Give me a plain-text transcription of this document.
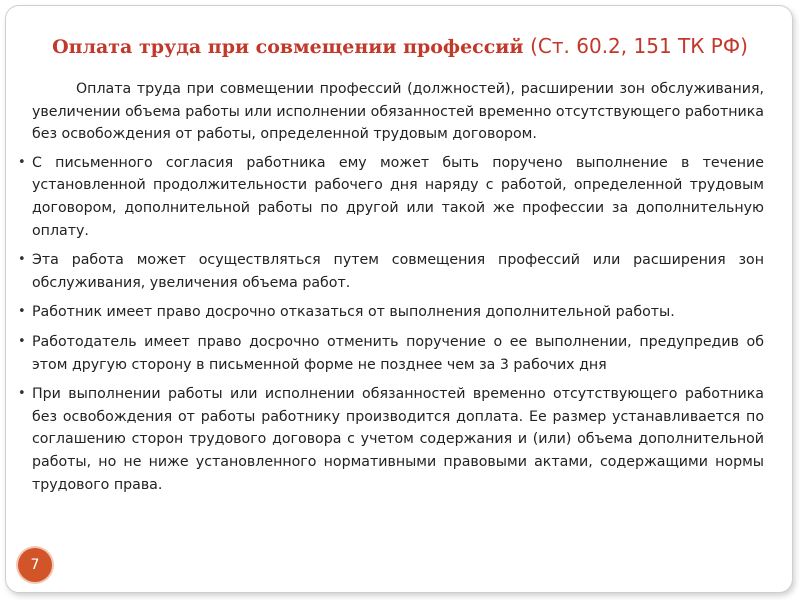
Оплата труда при совмещении профессий (Ст. 60.2, 151 ТК РФ)

Оплата труда при совмещении профессий (должностей), расширении зон обслуживания, увеличении объема работы или исполнении обязанностей временно отсутствующего работника без освобождения от работы, определенной трудовым договором.

• С письменного согласия работника ему может быть поручено выполнение в течение установленной продолжительности рабочего дня наряду с работой, определенной трудовым договором, дополнительной работы по другой или такой же профессии за дополнительную оплату.
• Эта работа может осуществляться путем совмещения профессий или расширения зон обслуживания, увеличения объема работ.
• Работник имеет право досрочно отказаться от выполнения дополнительной работы.
• Работодатель имеет право досрочно отменить поручение о ее выполнении, предупредив об этом другую сторону в письменной форме не позднее чем за 3 рабочих дня
• При выполнении работы или исполнении обязанностей временно отсутствующего работника без освобождения от работы работнику производится доплата. Ее размер устанавливается по соглашению сторон трудового договора с учетом содержания и (или) объема дополнительной работы, но не ниже установленного нормативными правовыми актами, содержащими нормы трудового права.
7
